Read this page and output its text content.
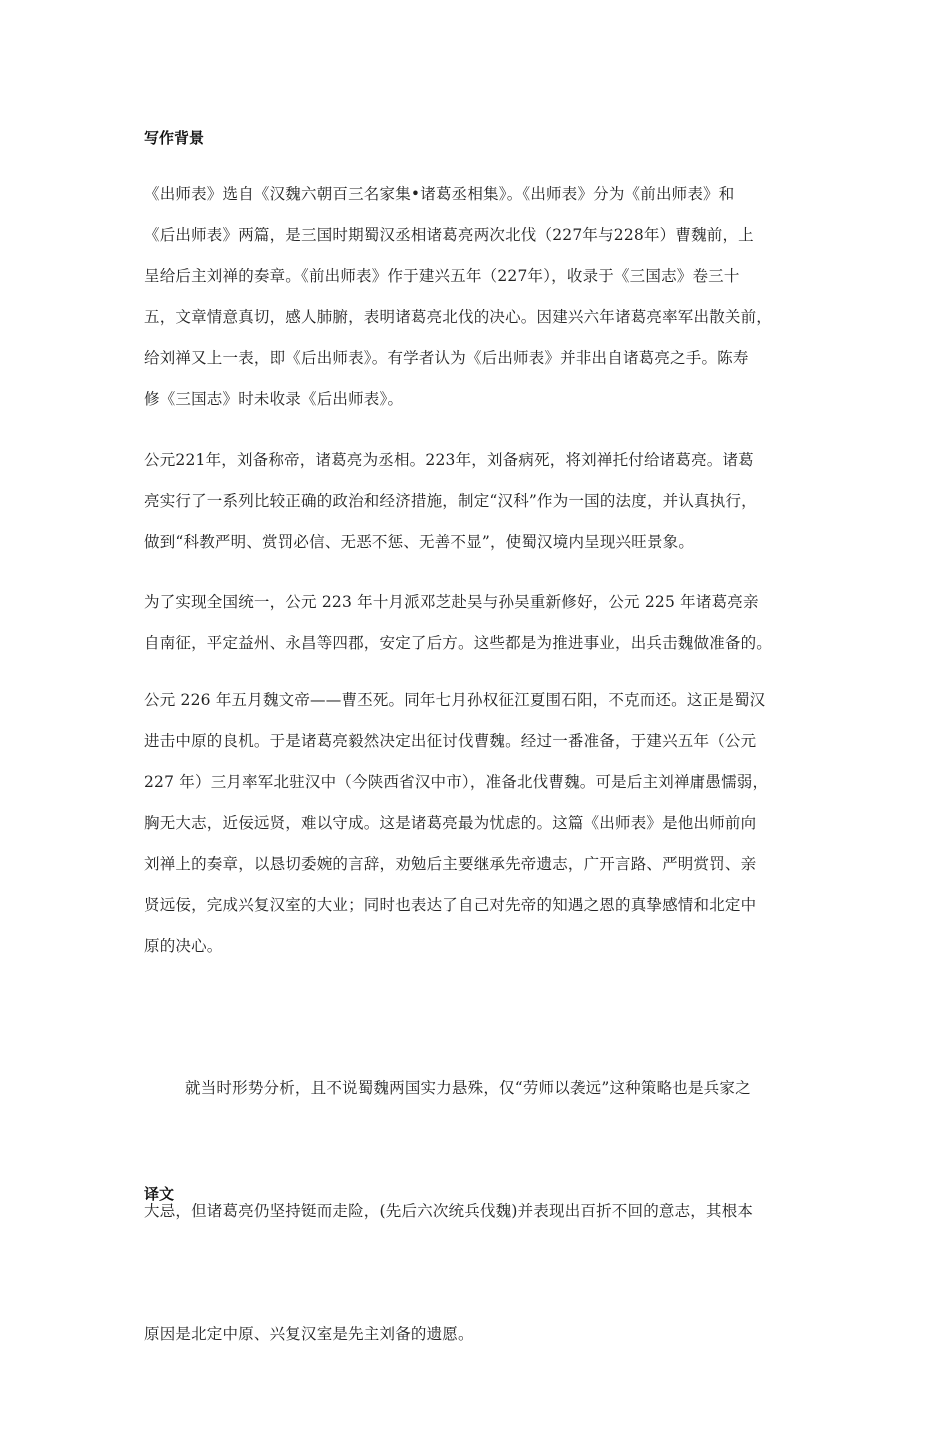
写作背景

《出师表》选自《汉魏六朝百三名家集•诸葛丞相集》。《出师表》分为《前出师表》和
《后出师表》两篇，是三国时期蜀汉丞相诸葛亮两次北伐（227年与228年）曹魏前，上
呈给后主刘禅的奏章。《前出师表》作于建兴五年（227年），收录于《三国志》卷三十
五，文章情意真切，感人肺腑，表明诸葛亮北伐的决心。因建兴六年诸葛亮率军出散关前，
给刘禅又上一表，即《后出师表》。有学者认为《后出师表》并非出自诸葛亮之手。陈寿
修《三国志》时未收录《后出师表》。

公元221年，刘备称帝，诸葛亮为丞相。223年，刘备病死，将刘禅托付给诸葛亮。诸葛
亮实行了一系列比较正确的政治和经济措施，制定“汉科”作为一国的法度，并认真执行，
做到“科教严明、赏罚必信、无恶不惩、无善不显”，使蜀汉境内呈现兴旺景象。

为了实现全国统一，公元 223 年十月派邓芝赴吴与孙吴重新修好，公元 225 年诸葛亮亲
自南征，平定益州、永昌等四郡，安定了后方。这些都是为推进事业，出兵击魏做准备的。

公元 226 年五月魏文帝——曹丕死。同年七月孙权征江夏围石阳，不克而还。这正是蜀汉
进击中原的良机。于是诸葛亮毅然决定出征讨伐曹魏。经过一番准备，于建兴五年（公元
227 年）三月率军北驻汉中（今陕西省汉中市），准备北伐曹魏。可是后主刘禅庸愚懦弱，
胸无大志，近佞远贤，难以守成。这是诸葛亮最为忧虑的。这篇《出师表》是他出师前向
刘禅上的奏章，以恳切委婉的言辞，劝勉后主要继承先帝遗志，广开言路、严明赏罚、亲
贤远佞，完成兴复汉室的大业；同时也表达了自己对先帝的知遇之恩的真挚感情和北定中
原的决心。

就当时形势分析，且不说蜀魏两国实力悬殊，仅“劳师以袭远”这种策略也是兵家之

大忌，但诸葛亮仍坚持铤而走险，(先后六次统兵伐魏)并表现出百折不回的意志，其根本

原因是北定中原、兴复汉室是先主刘备的遗愿。

译文
